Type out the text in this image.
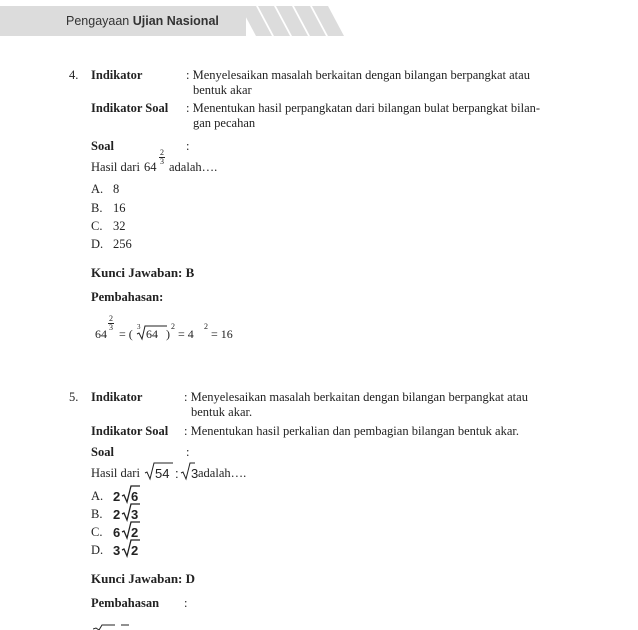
Pengayaan Ujian Nasional
4. Indikator	: Menyelesaikan masalah berkaitan dengan bilangan berpangkat atau
bentuk akar
Indikator Soal : Menentukan hasil perpangkatan dari bilangan bulat berpangkat bilan-
gan pecahan
Soal	:
Hasil dari 64
2
3 adalah….
A. 8
B. 16
C. 32
D. 256
Kunci Jawaban: B
Pembahasan:
64
2
3 = ( 3 64 )
2
= 4
2
= 16
5. Indikator	: Menyelesaikan masalah berkaitan dengan bilangan berpangkat atau
bentuk akar.
Indikator Soal : Menentukan hasil perkalian dan pembagian bilangan bentuk akar.
Soal	:
Hasil dari 54 : 3 adalah….
A. 2 6
B. 2 3
C. 6 2
D. 3 2
Kunci Jawaban: D
Pembahasan :
